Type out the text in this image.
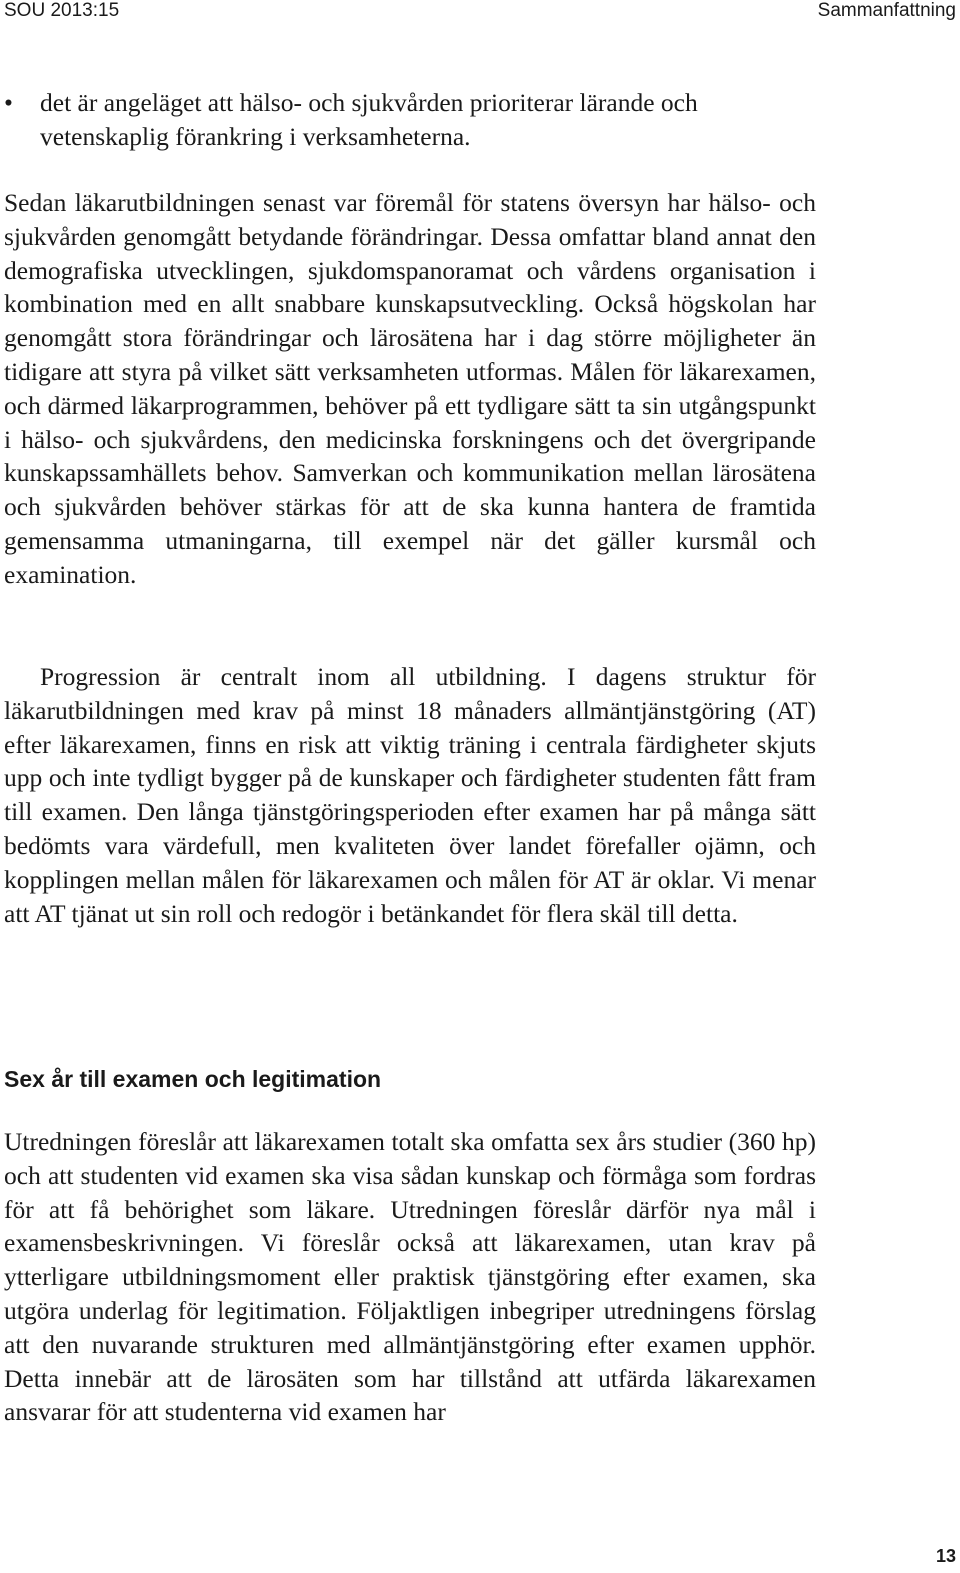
SOU 2013:15	Sammanfattning
•	det är angeläget att hälso- och sjukvården prioriterar lärande och vetenskaplig förankring i verksamheterna.

Sedan läkarutbildningen senast var föremål för statens översyn har hälso- och sjukvården genomgått betydande förändringar. Dessa omfattar bland annat den demografiska utvecklingen, sjukdomspanoramat och vårdens organisation i kombination med en allt snabbare kunskapsutveckling. Också högskolan har genomgått stora förändringar och lärosätena har i dag större möjligheter än tidigare att styra på vilket sätt verksamheten utformas. Målen för läkarexamen, och därmed läkarprogrammen, behöver på ett tydligare sätt ta sin utgångspunkt i hälso- och sjukvårdens, den medicinska forskningens och det övergripande kunskapssamhällets behov. Samverkan och kommunikation mellan lärosätena och sjukvården behöver stärkas för att de ska kunna hantera de framtida gemensamma utmaningarna, till exempel när det gäller kursmål och examination.

Progression är centralt inom all utbildning. I dagens struktur för läkarutbildningen med krav på minst 18 månaders allmäntjänstgöring (AT) efter läkarexamen, finns en risk att viktig träning i centrala färdigheter skjuts upp och inte tydligt bygger på de kunskaper och färdigheter studenten fått fram till examen. Den långa tjänstgöringsperioden efter examen har på många sätt bedömts vara värdefull, men kvaliteten över landet förefaller ojämn, och kopplingen mellan målen för läkarexamen och målen för AT är oklar. Vi menar att AT tjänat ut sin roll och redogör i betänkandet för flera skäl till detta.

Sex år till examen och legitimation

Utredningen föreslår att läkarexamen totalt ska omfatta sex års studier (360 hp) och att studenten vid examen ska visa sådan kunskap och förmåga som fordras för att få behörighet som läkare. Utredningen föreslår därför nya mål i examensbeskrivningen. Vi föreslår också att läkarexamen, utan krav på ytterligare utbildningsmoment eller praktisk tjänstgöring efter examen, ska utgöra underlag för legitimation. Följaktligen inbegriper utredningens förslag att den nuvarande strukturen med allmäntjänstgöring efter examen upphör. Detta innebär att de lärosäten som har tillstånd att utfärda läkarexamen ansvarar för att studenterna vid examen har

13
